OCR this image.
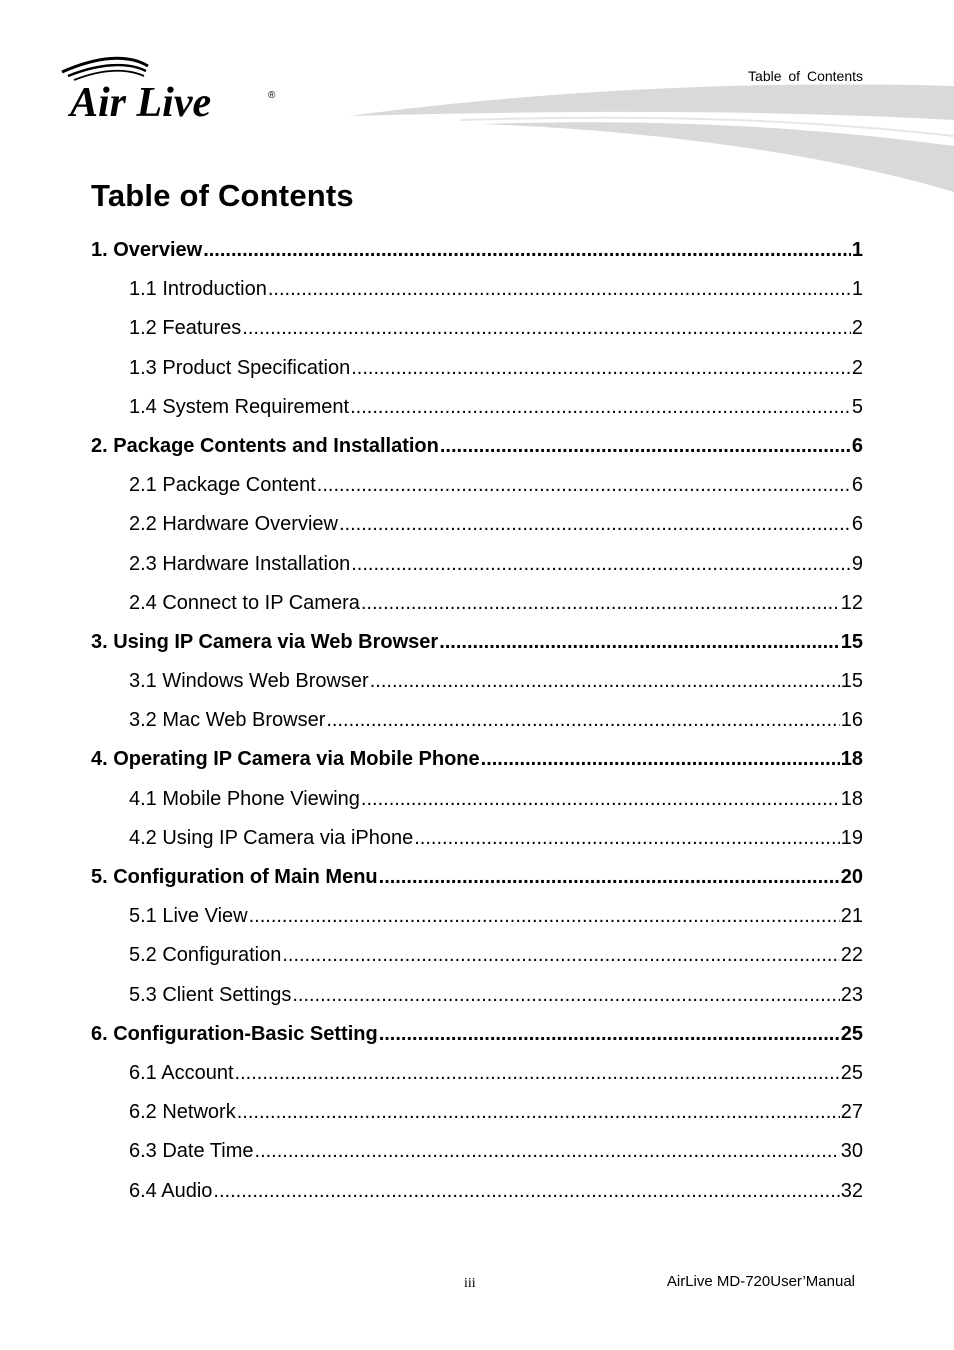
Air Live	®
Table of Contents
Table of Contents
1. Overview .....	1
1.1 Introduction .....	1
1.2 Features .....	2
1.3 Product Specification .....	2
1.4 System Requirement .....	5
2. Package Contents and Installation .....	6
2.1 Package Content .....	6
2.2 Hardware Overview .....	6
2.3 Hardware Installation .....	9
2.4 Connect to IP Camera .....	12
3. Using IP Camera via Web Browser .....	15
3.1 Windows Web Browser .....	15
3.2 Mac Web Browser .....	16
4. Operating IP Camera via Mobile Phone .....	18
4.1 Mobile Phone Viewing .....	18
4.2 Using IP Camera via iPhone .....	19
5. Configuration of Main Menu .....	20
5.1 Live View .....	21
5.2 Configuration .....	22
5.3 Client Settings .....	23
6. Configuration-Basic Setting .....	25
6.1 Account .....	25
6.2 Network .....	27
6.3 Date Time .....	30
6.4 Audio .....	32
iii	AirLive MD-720User’Manual
